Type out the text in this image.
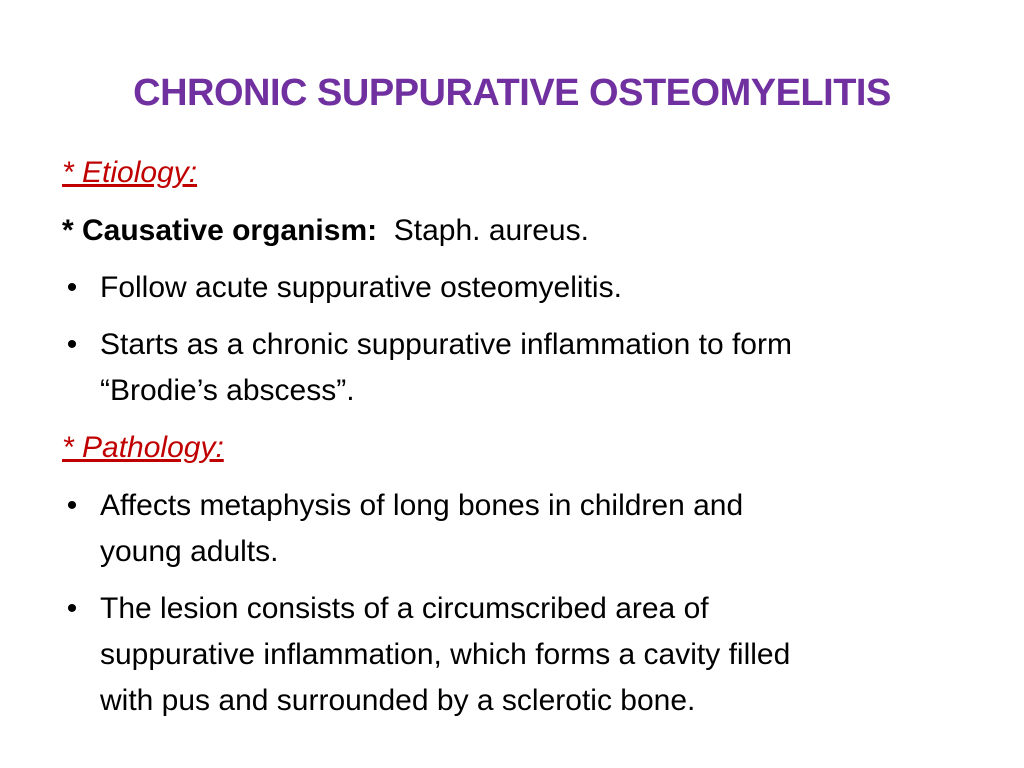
CHRONIC SUPPURATIVE OSTEOMYELITIS
* Etiology:
* Causative organism: Staph. aureus.
• Follow acute suppurative osteomyelitis.
• Starts as a chronic suppurative inflammation to form
“Brodie’s abscess”.
* Pathology:
• Affects metaphysis of long bones in children and
young adults.
• The lesion consists of a circumscribed area of
suppurative inflammation, which forms a cavity filled
with pus and surrounded by a sclerotic bone.
